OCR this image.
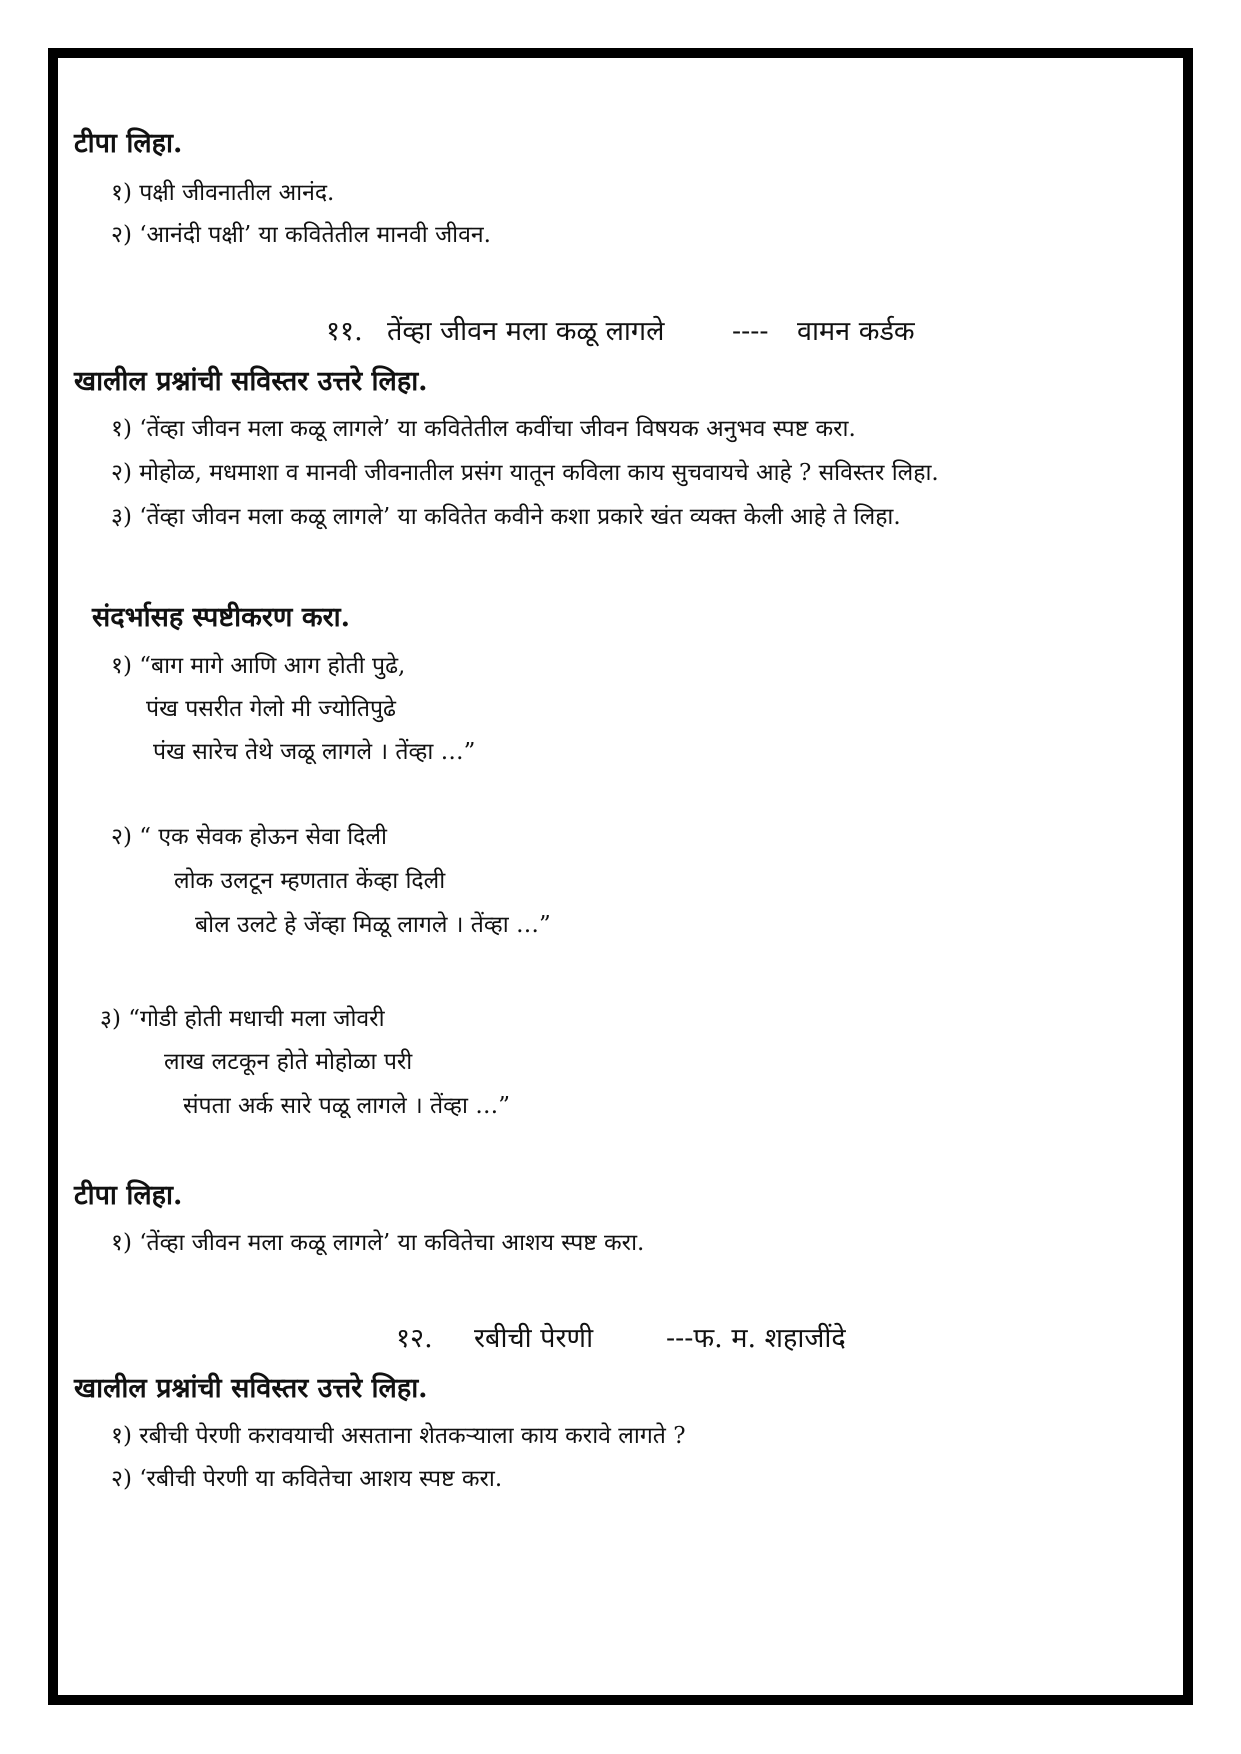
टीपा लिहा.
१) पक्षी जीवनातील आनंद.
२) ‘आनंदी पक्षी’ या कवितेतील मानवी जीवन.
११. तेंव्हा जीवन मला कळू लागले	---- वामन कर्डक
खालील प्रश्नांची सविस्तर उत्तरे लिहा.
१) ‘तेंव्हा जीवन मला कळू लागले’ या कवितेतील कवींचा जीवन विषयक अनुभव स्पष्ट करा.
२) मोहोळ, मधमाशा व मानवी जीवनातील प्रसंग यातून कविला काय सुचवायचे आहे ? सविस्तर लिहा.
३) ‘तेंव्हा जीवन मला कळू लागले’ या कवितेत कवीने कशा प्रकारे खंत व्यक्त केली आहे ते लिहा.
संदर्भासह स्पष्टीकरण करा.
१) “बाग मागे आणि आग होती पुढे,
पंख पसरीत गेलो मी ज्योतिपुढे
पंख सारेच तेथे जळू लागले । तेंव्हा …”
२) “ एक सेवक होऊन सेवा दिली
लोक उलटून म्हणतात केंव्हा दिली
बोल उलटे हे जेंव्हा मिळू लागले । तेंव्हा …”
३) “गोडी होती मधाची मला जोवरी
लाख लटकून होते मोहोळा परी
संपता अर्क सारे पळू लागले । तेंव्हा …”
टीपा लिहा.
१) ‘तेंव्हा जीवन मला कळू लागले’ या कवितेचा आशय स्पष्ट करा.
१२. रबीची पेरणी	---फ. म. शहाजींदे
खालील प्रश्नांची सविस्तर उत्तरे लिहा.
१) रबीची पेरणी करावयाची असताना शेतकऱ्याला काय करावे लागते ?
२) ‘रबीची पेरणी या कवितेचा आशय स्पष्ट करा.
